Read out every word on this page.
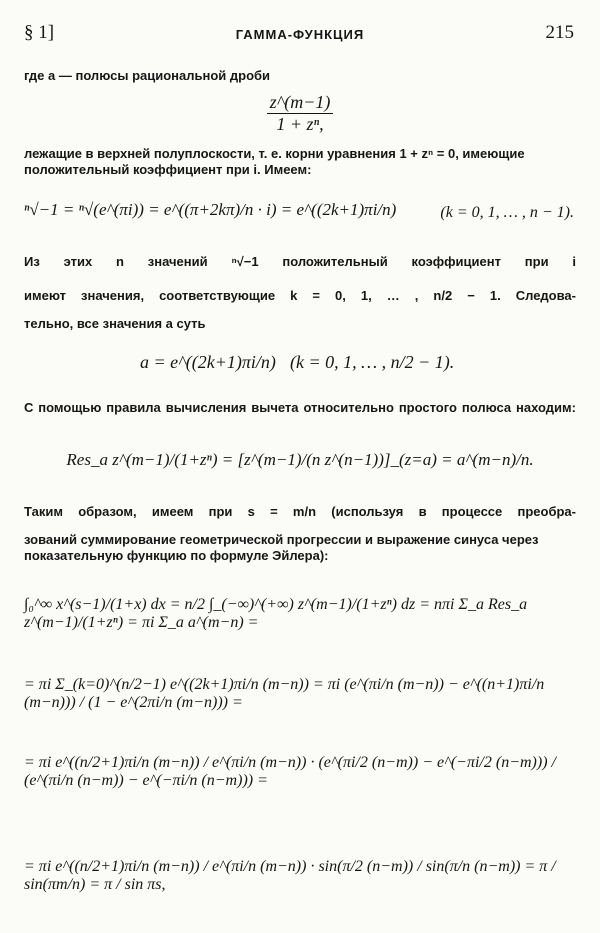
§ 1]	ГАММА-ФУНКЦИЯ	215
где a — полюсы рациональной дроби
$\frac{z\^{}(m-1)}{\text{1 + zⁿ,}}$
лежащие в верхней полуплоскости, т. е. корни уравнения 1 + zⁿ = 0, имеющие положительный коэффициент при i. Имеем:
ⁿ√−1 = ⁿ√(e^(πi)) = e^((π+2kπ)/n · i) = e^((2k+1)πi/n)	(k = 0, 1, … , n − 1).
Из этих n значений ⁿ√−1 положительный коэффициент при i
имеют значения, соответствующие k = 0, 1, … , n/2 − 1. Следова-
тельно, все значения a суть
a = e^((2k+1)πi/n) (k = 0, 1, … , n/2 − 1).
С помощью правила вычисления вычета относительно простого полюса находим:
Res_a z^(m−1)/(1+zⁿ) = [z^(m−1)/(n z^(n−1))]_(z=a) = a^(m−n)/n.
Таким образом, имеем при s = m/n (используя в процессе преобра-
зований суммирование геометрической прогрессии и выражение синуса через показательную функцию по формуле Эйлера):
∫₀^∞ x^(s−1)/(1+x) dx = n/2 ∫_(−∞)^(+∞) z^(m−1)/(1+zⁿ) dz = nπi Σ_a Res_a z^(m−1)/(1+zⁿ) = πi Σ_a a^(m−n) =
= πi Σ_(k=0)^(n/2−1) e^((2k+1)πi/n (m−n)) = πi (e^(πi/n (m−n)) − e^((n+1)πi/n (m−n))) / (1 − e^(2πi/n (m−n))) =
= πi e^((n/2+1)πi/n (m−n)) / e^(πi/n (m−n)) · (e^(πi/2 (n−m)) − e^(−πi/2 (n−m))) / (e^(πi/n (n−m)) − e^(−πi/n (n−m))) =
= πi e^((n/2+1)πi/n (m−n)) / e^(πi/n (m−n)) · sin(π/2 (n−m)) / sin(π/n (n−m)) = π / sin(πm/n) = π / sin πs,
